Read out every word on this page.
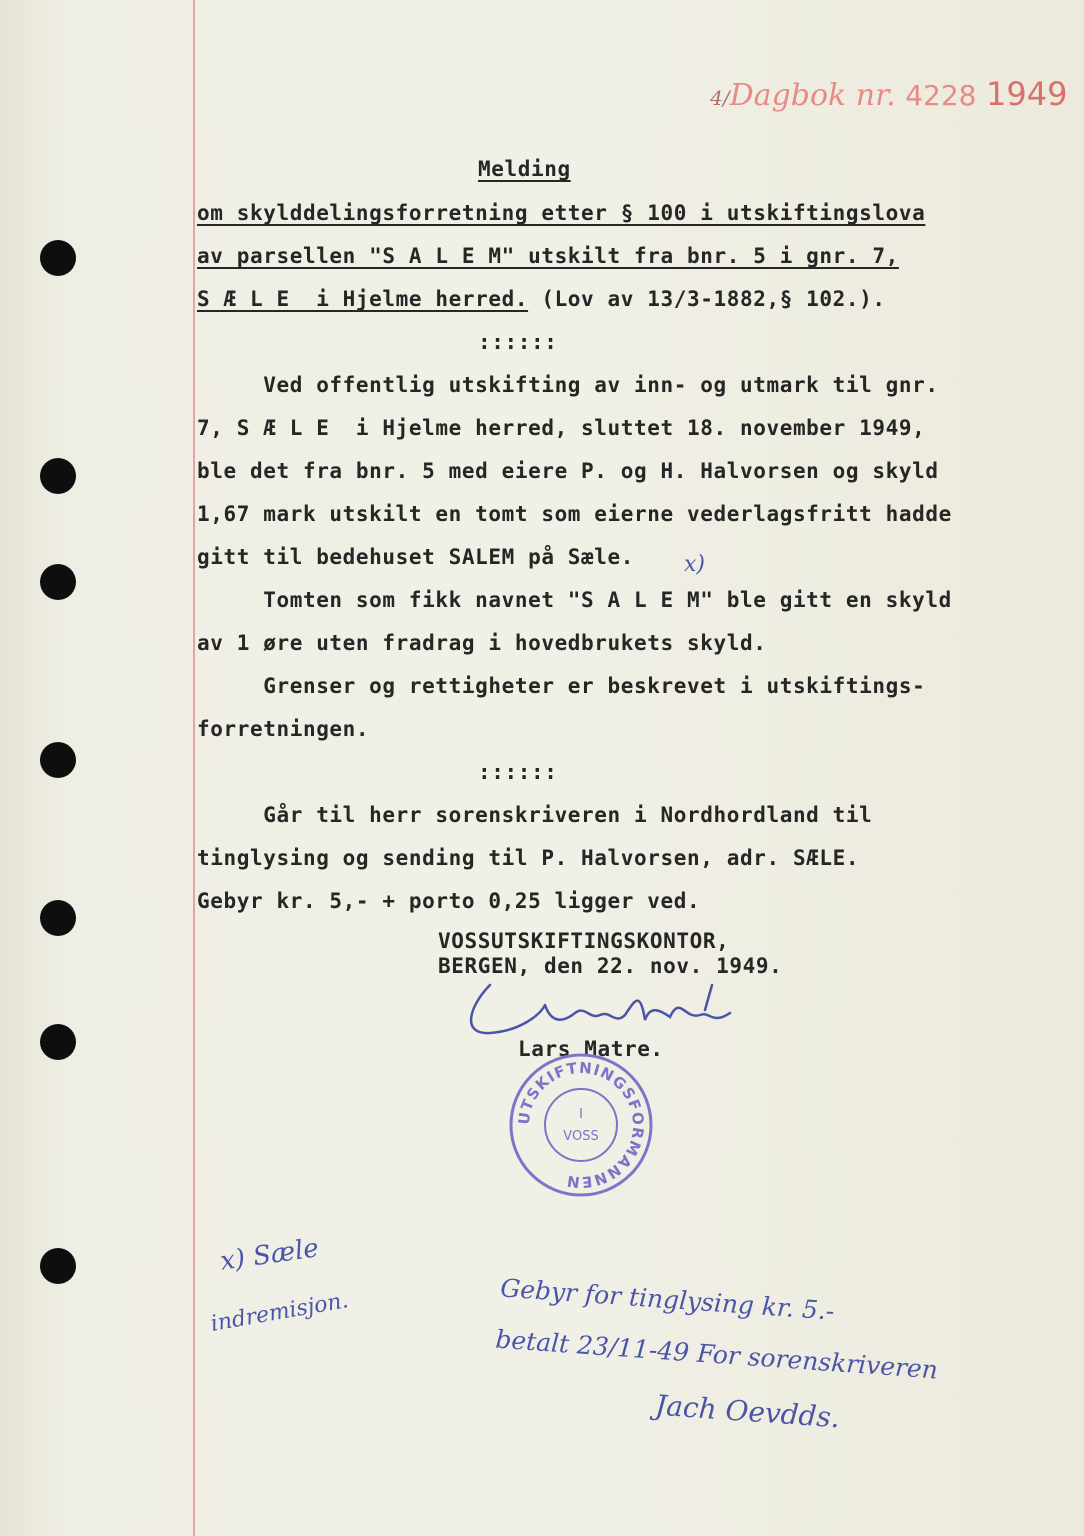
4/Dagbok nr. 4228 1949

Melding
om skylddelingsforretning etter § 100 i utskiftingslova
av parsellen "S A L E M" utskilt fra bnr. 5 i gnr. 7,
S Æ L E  i Hjelme herred. (Lov av 13/3-1882,§ 102.).
::::::
Ved offentlig utskifting av inn- og utmark til gnr.
7, S Æ L E  i Hjelme herred, sluttet 18. november 1949,
ble det fra bnr. 5 med eiere P. og H. Halvorsen og skyld
1,67 mark utskilt en tomt som eierne vederlagsfritt hadde
gitt til bedehuset SALEM på Sæle. x)
Tomten som fikk navnet "S A L E M" ble gitt en skyld
av 1 øre uten fradrag i hovedbrukets skyld.
Grenser og rettigheter er beskrevet i utskiftings-
forretningen.
::::::
Går til herr sorenskriveren i Nordhordland til
tinglysing og sending til P. Halvorsen, adr. SÆLE.
Gebyr kr. 5,- + porto 0,25 ligger ved.
VOSSUTSKIFTINGSKONTOR,
BERGEN, den 22. nov. 1949.
Lars Matre.
UTSKIFTNINGSFORMANNEN
I
VOSS
x) Sæle
indremisjon.	Gebyr for tinglysing kr. 5.-
betalt 23/11-49 For sorenskriveren
Jach Oevdds.
